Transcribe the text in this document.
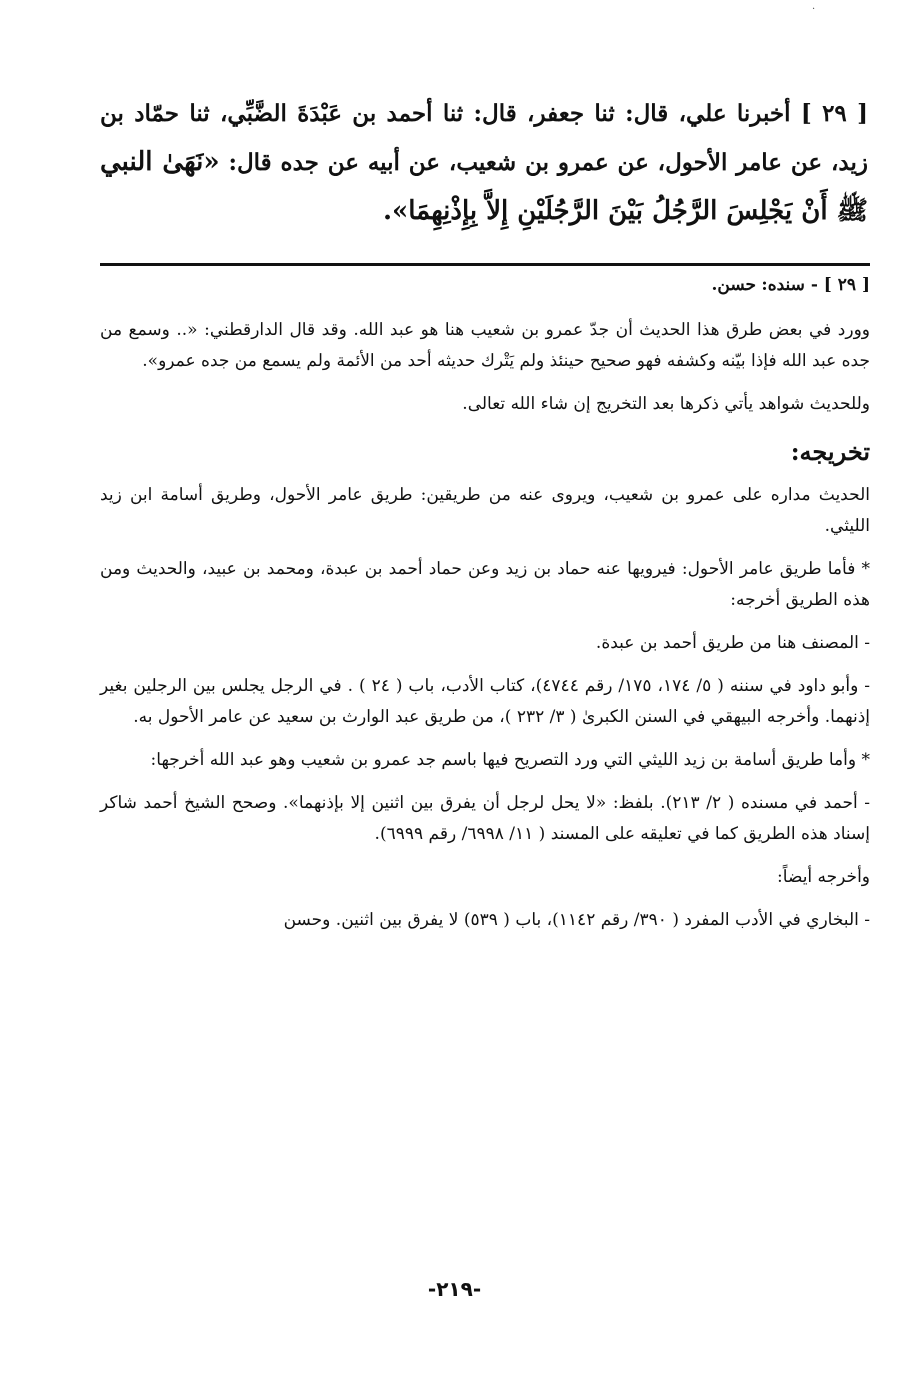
·
[ ٢٩ ] أخبرنا علي، قال: ثنا جعفر، قال: ثنا أحمد بن عَبْدَةَ الضَّبِّي، ثنا حمّاد بن زيد، عن عامر الأحول، عن عمرو بن شعيب، عن أبيه عن جده قال: «نَهَىٰ النبي ﷺ أَنْ يَجْلِسَ الرَّجُلُ بَيْنَ الرَّجُلَيْنِ إِلاَّ بِإِذْنِهِمَا».

[ ٢٩ ] - سنده: حسن.

وورد في بعض طرق هذا الحديث أن جدّ عمرو بن شعيب هنا هو عبد الله. وقد قال الدارقطني: «.. وسمع من جده عبد الله فإذا بيّنه وكشفه فهو صحيح حينئذ ولم يَتْرك حديثه أحد من الأئمة ولم يسمع من جده عمرو».

وللحديث شواهد يأتي ذكرها بعد التخريج إن شاء الله تعالى.

تخريجه:

الحديث مداره على عمرو بن شعيب، ويروى عنه من طريقين: طريق عامر الأحول، وطريق أسامة ابن زيد الليثي.

* فأما طريق عامر الأحول: فيرويها عنه حماد بن زيد وعن حماد أحمد بن عبدة، ومحمد بن عبيد، والحديث ومن هذه الطريق أخرجه:

- المصنف هنا من طريق أحمد بن عبدة.

- وأبو داود في سننه ( ٥/ ١٧٤، ١٧٥/ رقم ٤٧٤٤)، كتاب الأدب، باب ( ٢٤ ) . في الرجل يجلس بين الرجلين بغير إذنهما. وأخرجه البيهقي في السنن الكبرىٰ ( ٣/ ٢٣٢ )، من طريق عبد الوارث بن سعيد عن عامر الأحول به.

* وأما طريق أسامة بن زيد الليثي التي ورد التصريح فيها باسم جد عمرو بن شعيب وهو عبد الله أخرجها:

- أحمد في مسنده ( ٢/ ٢١٣). بلفظ: «لا يحل لرجل أن يفرق بين اثنين إلا بإذنهما». وصحح الشيخ أحمد شاكر إسناد هذه الطريق كما في تعليقه على المسند ( ١١/ ٦٩٩٨/ رقم ٦٩٩٩).

وأخرجه أيضاً:

- البخاري في الأدب المفرد ( ٣٩٠/ رقم ١١٤٢)، باب ( ٥٣٩) لا يفرق بين اثنين. وحسن

-٢١٩-
